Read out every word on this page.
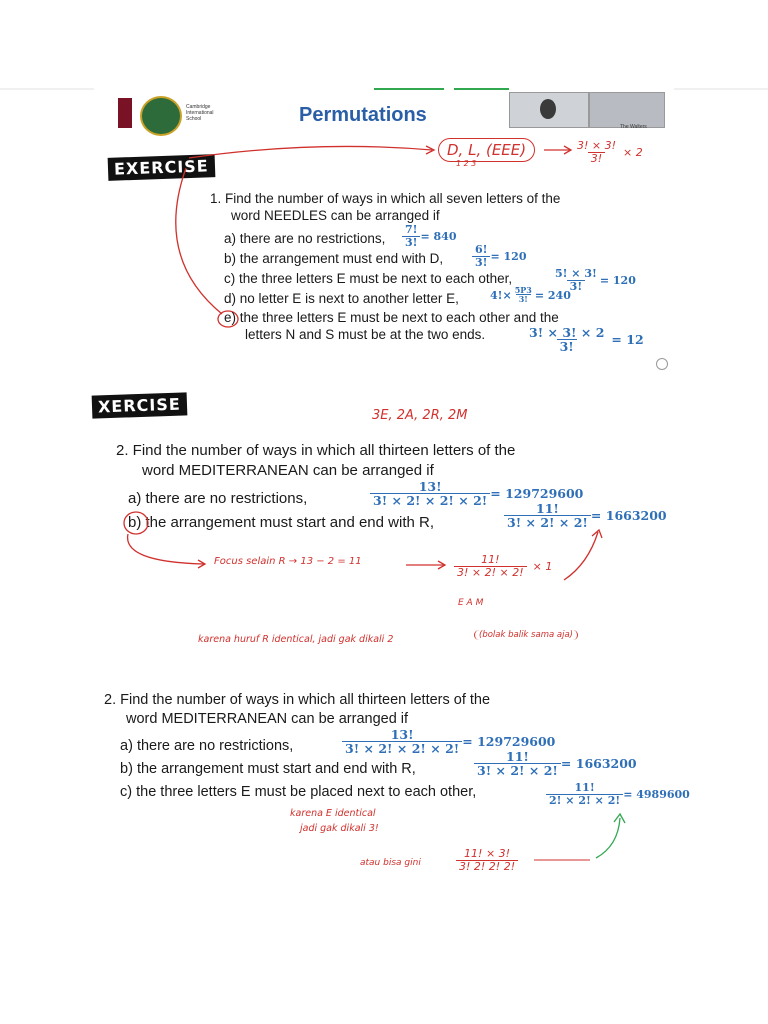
Cambridge International School	Permutations
The Walters
EXERCISE
D, L, (EEE)
1 2 3	$\frac{3! \times 3!}{3!} \times 2$
1. Find the number of ways in which all seven letters of the
word NEEDLES can be arranged if
a) there are no restrictions, $\frac{7!}{3!} = 840$
b) the arrangement must end with D,	$\frac{6!}{3!} = 120$
c) the three letters E must be next to each other,	$\frac{5! \times 3!}{3!} = 120$
d) no letter E is next to another letter E,	$4!\times \frac{5P3}{3!} = 240$
e) the three letters E must be next to each other and the
letters N and S must be at the two ends.	$\frac{3! \times 3! \times 2}{3!} = 12$
XERCISE	3E, 2A, 2R, 2M
2. Find the number of ways in which all thirteen letters of the
word MEDITERRANEAN can be arranged if
a) there are no restrictions,	$\frac{13!}{3! \times 2! \times 2! \times 2!} = 129729600$
b) the arrangement must start and end with R,	$\frac{11!}{3! \times 2! \times 2!} = 1663200$
Focus selain R → 13 − 2 = 11	$\frac{11!}{3! \times 2! \times 2!} \times 1$
E A M
karena huruf R identical, jadi gak dikali 2	(bolak balik sama aja)
2. Find the number of ways in which all thirteen letters of the
word MEDITERRANEAN can be arranged if
a) there are no restrictions,	$\frac{13!}{3! \times 2! \times 2! \times 2!} = 129729600$
b) the arrangement must start and end with R,	$\frac{11!}{3! \times 2! \times 2!} = 1663200$
c) the three letters E must be placed next to each other,	$\frac{11!}{2! \times 2! \times 2!} = 4989600$
karena E identical
jadi gak dikali 3!
atau bisa gini	$\frac{11! \times 3!}{3! 2! 2! 2!}$
